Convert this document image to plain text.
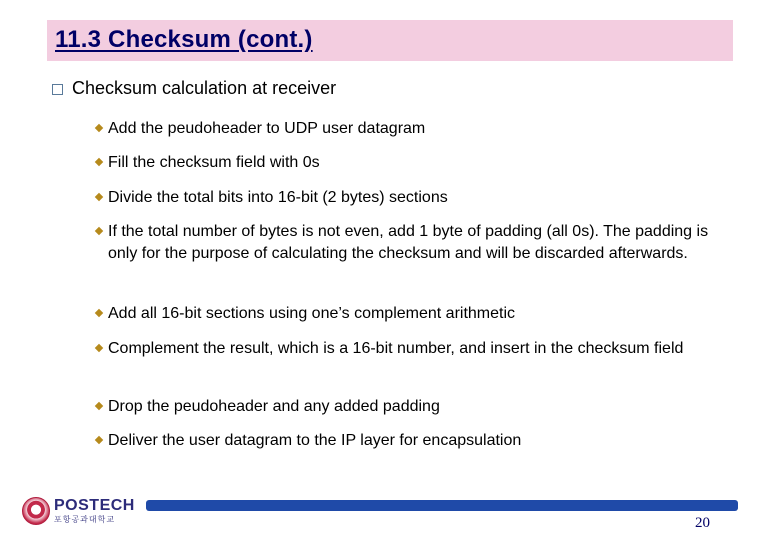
11.3 Checksum (cont.)
Checksum calculation at receiver
Add the peudoheader to UDP user datagram
Fill the checksum field with 0s
Divide the total bits into 16-bit (2 bytes) sections
If the total number of bytes is not even, add 1 byte of padding (all 0s). The padding is only for the purpose of calculating the checksum and will be discarded afterwards.
Add all 16-bit sections using one’s complement arithmetic
Complement the result, which is a 16-bit number, and insert in the checksum field
Drop the peudoheader and any added padding
Deliver the user datagram to the IP layer for encapsulation
POSTECH
포항공과대학교	20
